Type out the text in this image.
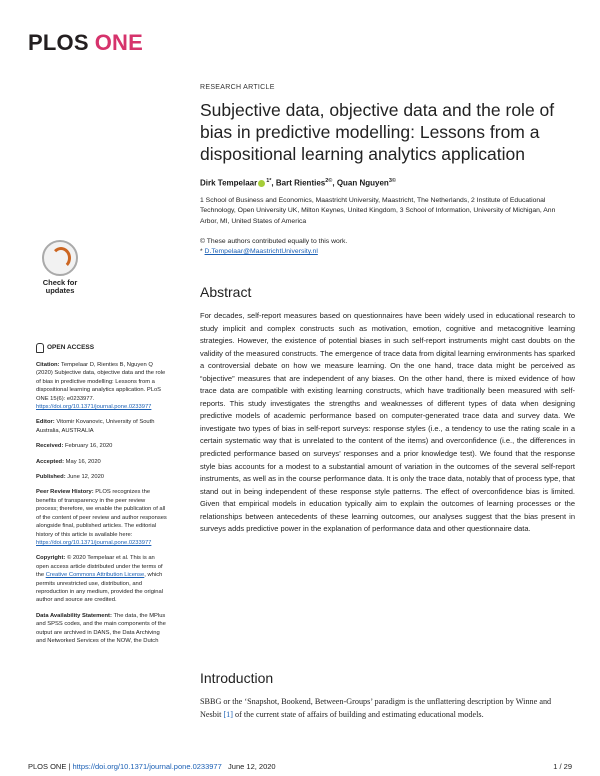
PLOS ONE
RESEARCH ARTICLE
Subjective data, objective data and the role of bias in predictive modelling: Lessons from a dispositional learning analytics application
Dirk Tempelaar $^{1*}$, Bart Rienties$^{2©}$, Quan Nguyen$^{3©}$
1 School of Business and Economics, Maastricht University, Maastricht, The Netherlands, 2 Institute of Educational Technology, Open University UK, Milton Keynes, United Kingdom, 3 School of Information, University of Michigan, Ann Arbor, MI, United States of America
© These authors contributed equally to this work.
* D.Tempelaar@MaastrichtUniversity.nl
Abstract

For decades, self-report measures based on questionnaires have been widely used in educational research to study implicit and complex constructs such as motivation, emotion, cognitive and metacognitive learning strategies. However, the existence of potential biases in such self-report instruments might cast doubts on the validity of the measured constructs. The emergence of trace data from digital learning environments has sparked a controversial debate on how we measure learning. On the one hand, trace data might be perceived as “objective” measures that are independent of any biases. On the other hand, there is mixed evidence of how trace data are compatible with existing learning constructs, which have traditionally been measured with self-reports. This study investigates the strengths and weaknesses of different types of data when designing predictive models of academic performance based on computer-generated trace data and survey data. We investigate two types of bias in self-report surveys: response styles (i.e., a tendency to use the rating scale in a certain systematic way that is unrelated to the content of the items) and overconfidence (i.e., the differences in predicted performance based on surveys’ responses and a prior knowledge test). We found that the response style bias accounts for a modest to a substantial amount of variation in the outcomes of the several self-report instruments, as well as in the course performance data. It is only the trace data, notably that of process type, that stand out in being independent of these response style patterns. The effect of overconfidence bias is limited. Given that empirical models in education typically aim to explain the outcomes of learning processes or the relationships between antecedents of these learning outcomes, our analyses suggest that the bias present in surveys adds predictive power in the explanation of performance data and other questionnaire data.

Introduction

SBBG or the ‘Snapshot, Bookend, Between-Groups’ paradigm is the unflattering description by Winne and Nesbit [1] of the current state of affairs of building and estimating educational models.

Check for
updates
OPEN ACCESS

Citation: Tempelaar D, Rienties B, Nguyen Q (2020) Subjective data, objective data and the role of bias in predictive modelling: Lessons from a dispositional learning analytics application. PLoS ONE 15(6): e0233977. https://doi.org/10.1371/journal.pone.0233977

Editor: Vitomir Kovanovic, University of South Australia, AUSTRALIA

Received: February 16, 2020

Accepted: May 16, 2020

Published: June 12, 2020

Peer Review History: PLOS recognizes the benefits of transparency in the peer review process; therefore, we enable the publication of all of the content of peer review and author responses alongside final, published articles. The editorial history of this article is available here: https://doi.org/10.1371/journal.pone.0233977

Copyright: © 2020 Tempelaar et al. This is an open access article distributed under the terms of the Creative Commons Attribution License, which permits unrestricted use, distribution, and reproduction in any medium, provided the original author and source are credited.

Data Availability Statement: The data, the MPlus and SPSS codes, and the main components of the output are archived in DANS, the Data Archiving and Networked Services of the NOW, the Dutch

PLOS ONE | https://doi.org/10.1371/journal.pone.0233977 June 12, 2020	1 / 29
